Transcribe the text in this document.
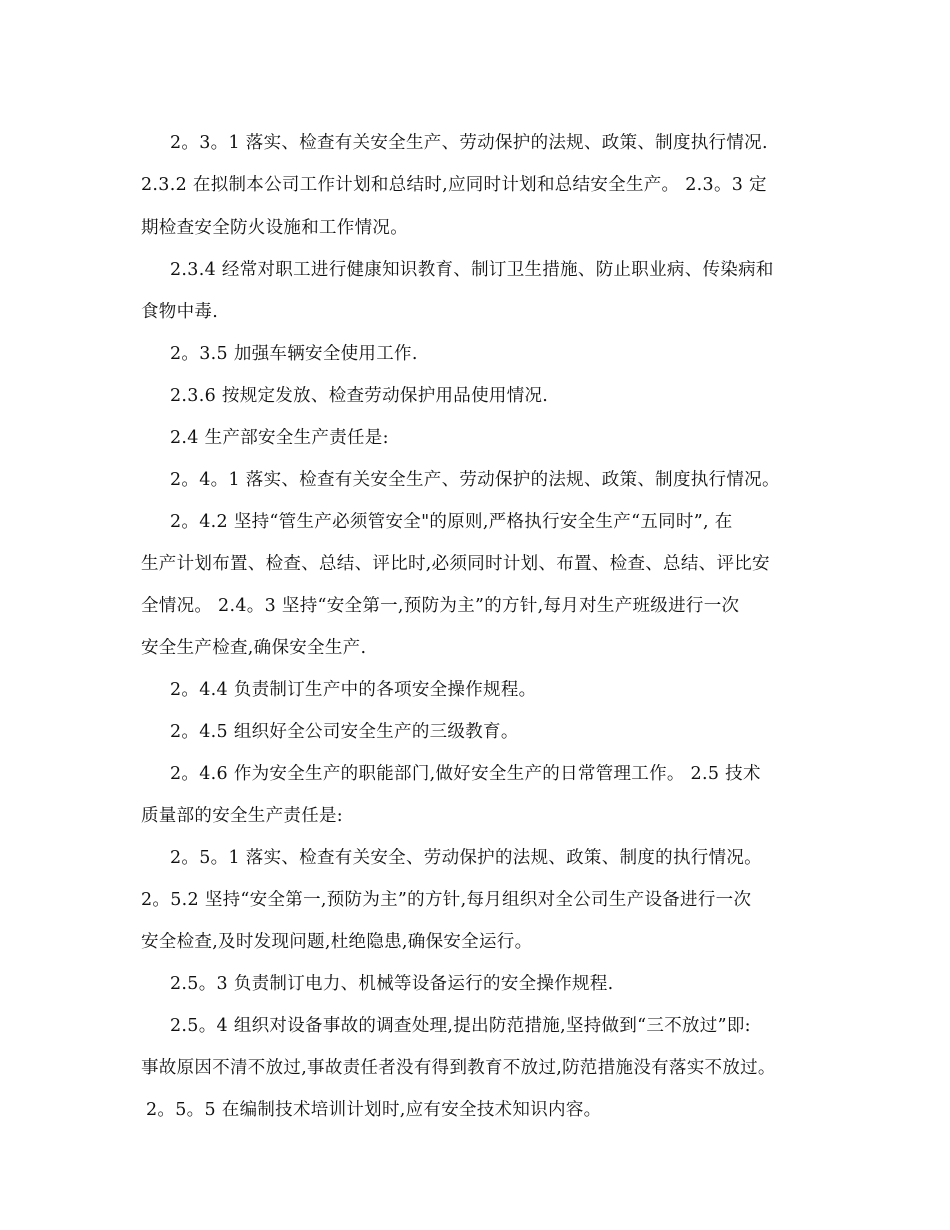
2。3。1 落实、检查有关安全生产、劳动保护的法规、政策、制度执行情况.
2.3.2 在拟制本公司工作计划和总结时,应同时计划和总结安全生产。 2.3。3 定
期检查安全防火设施和工作情况。
2.3.4 经常对职工进行健康知识教育、制订卫生措施、防止职业病、传染病和
食物中毒.
2。3.5 加强车辆安全使用工作.
2.3.6 按规定发放、检查劳动保护用品使用情况.
2.4 生产部安全生产责任是:
2。4。1 落实、检查有关安全生产、劳动保护的法规、政策、制度执行情况。
2。4.2 坚持“管生产必须管安全"的原则,严格执行安全生产“五同时”, 在
生产计划布置、检查、总结、评比时,必须同时计划、布置、检查、总结、评比安
全情况。 2.4。3 坚持“安全第一,预防为主”的方针,每月对生产班级进行一次
安全生产检查,确保安全生产.
2。4.4 负责制订生产中的各项安全操作规程。
2。4.5 组织好全公司安全生产的三级教育。
2。4.6 作为安全生产的职能部门,做好安全生产的日常管理工作。 2.5 技术
质量部的安全生产责任是:
2。5。1 落实、检查有关安全、劳动保护的法规、政策、制度的执行情况。
2。5.2 坚持“安全第一,预防为主”的方针,每月组织对全公司生产设备进行一次
安全检查,及时发现问题,杜绝隐患,确保安全运行。
2.5。3 负责制订电力、机械等设备运行的安全操作规程.
2.5。4 组织对设备事故的调查处理,提出防范措施,坚持做到“三不放过”即:
事故原因不清不放过,事故责任者没有得到教育不放过,防范措施没有落实不放过。
2。5。5 在编制技术培训计划时,应有安全技术知识内容。
